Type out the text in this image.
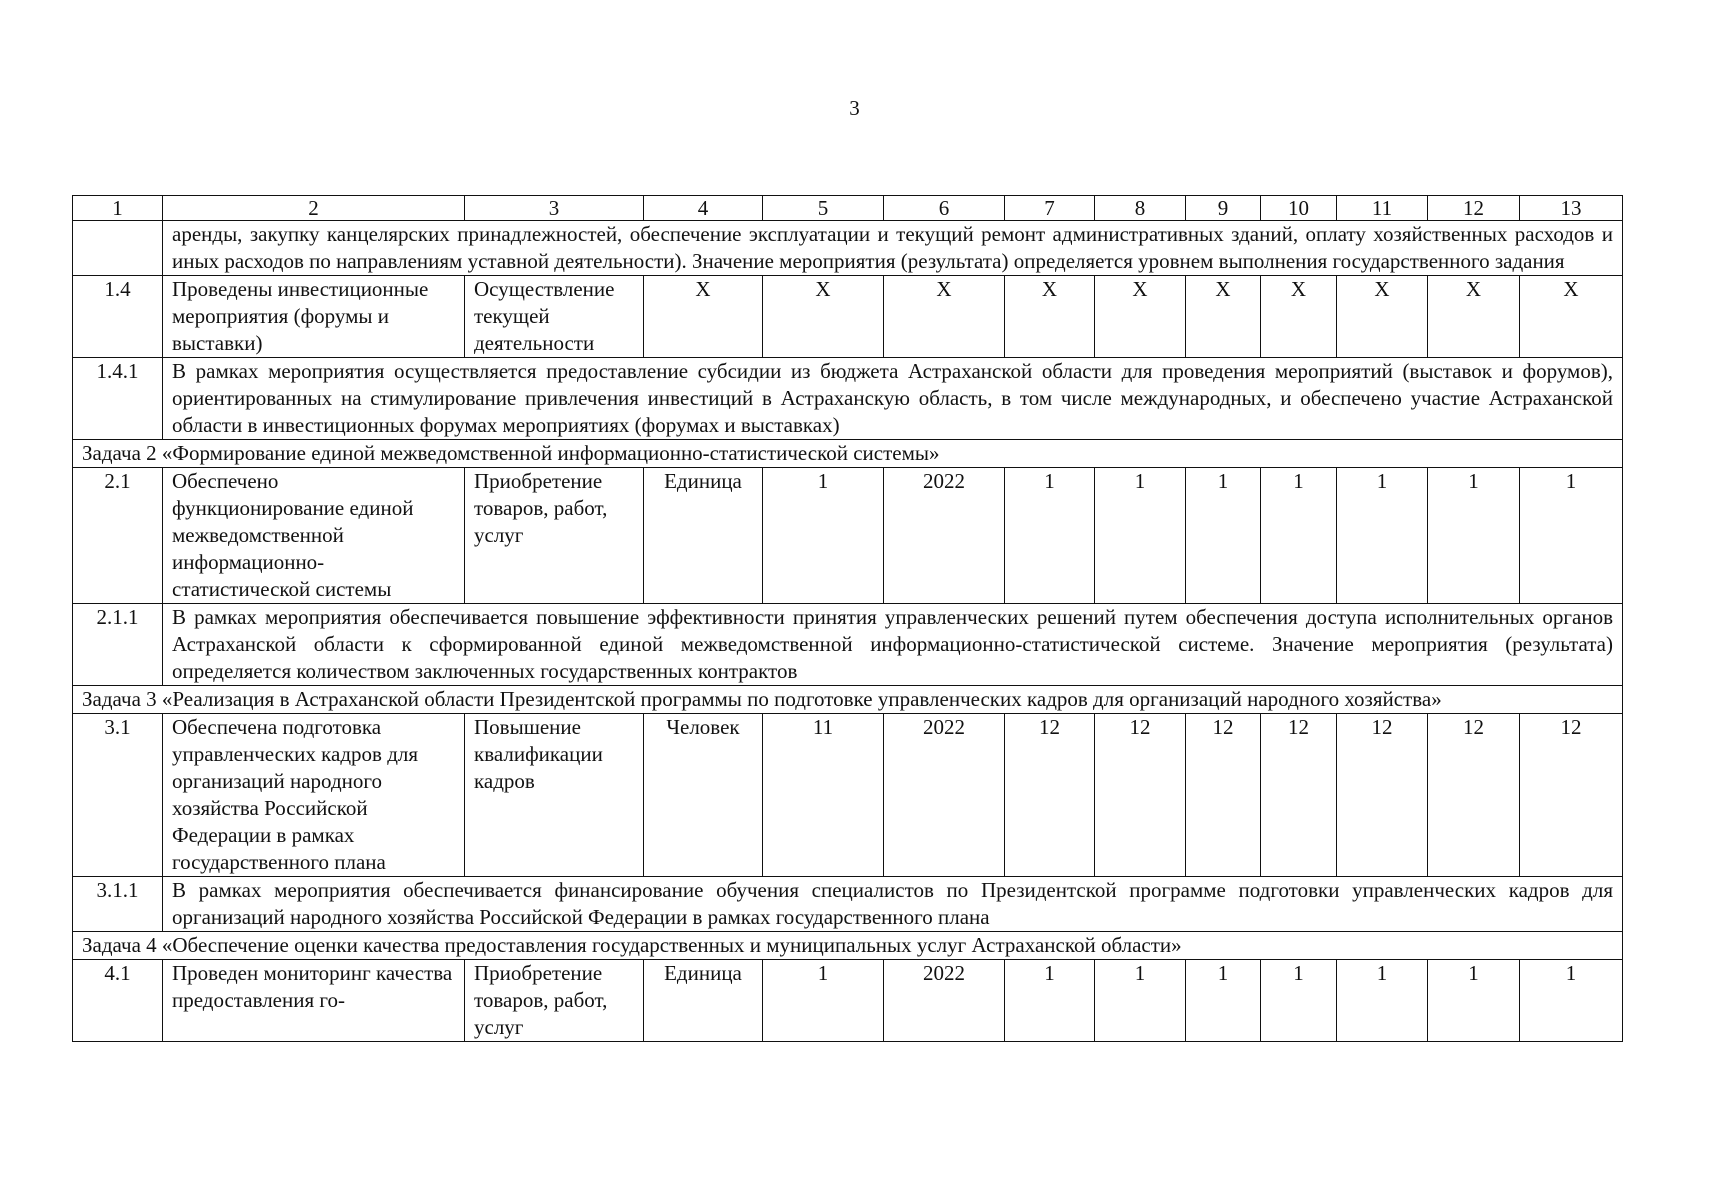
3
1	2	3	4	5	6	7	8	9	10	11	12	13
	аренды, закупку канцелярских принадлежностей, обеспечение эксплуатации и текущий ремонт административных зданий, оплату хозяйственных расходов и иных расходов по направлениям уставной деятельности). Значение мероприятия (результата) определяется уровнем выполнения государственного задания											
1.4	Проведены инвестиционные мероприятия (форумы и выставки)	Осуществление текущей деятельности	X	X	X	X	X	X	X	X	X	X
1.4.1	В рамках мероприятия осуществляется предоставление субсидии из бюджета Астраханской области для проведения мероприятий (выставок и форумов), ориентированных на стимулирование привлечения инвестиций в Астраханскую область, в том числе международных, и обеспечено участие Астраханской области в инвестиционных форумах мероприятиях (форумах и выставках)											
Задача 2 «Формирование единой межведомственной информационно-статистической системы»												
2.1	Обеспечено функционирование единой межведомственной информационно-статистической системы	Приобретение товаров, работ, услуг	Единица	1	2022	1	1	1	1	1	1	1
2.1.1	В рамках мероприятия обеспечивается повышение эффективности принятия управленческих решений путем обеспечения доступа исполнительных органов Астраханской области к сформированной единой межведомственной информационно-статистической системе. Значение мероприятия (результата) определяется количеством заключенных государственных контрактов											
Задача 3 «Реализация в Астраханской области Президентской программы по подготовке управленческих кадров для организаций народного хозяйства»												
3.1	Обеспечена подготовка управленческих кадров для организаций народного хозяйства Российской Федерации в рамках государственного плана	Повышение квалификации кадров	Человек	11	2022	12	12	12	12	12	12	12
3.1.1	В рамках мероприятия обеспечивается финансирование обучения специалистов по Президентской программе подготовки управленческих кадров для организаций народного хозяйства Российской Федерации в рамках государственного плана											
Задача 4 «Обеспечение оценки качества предоставления государственных и муниципальных услуг Астраханской области»												
4.1	Проведен мониторинг качества предоставления го-	Приобретение товаров, работ, услуг	Единица	1	2022	1	1	1	1	1	1	1
